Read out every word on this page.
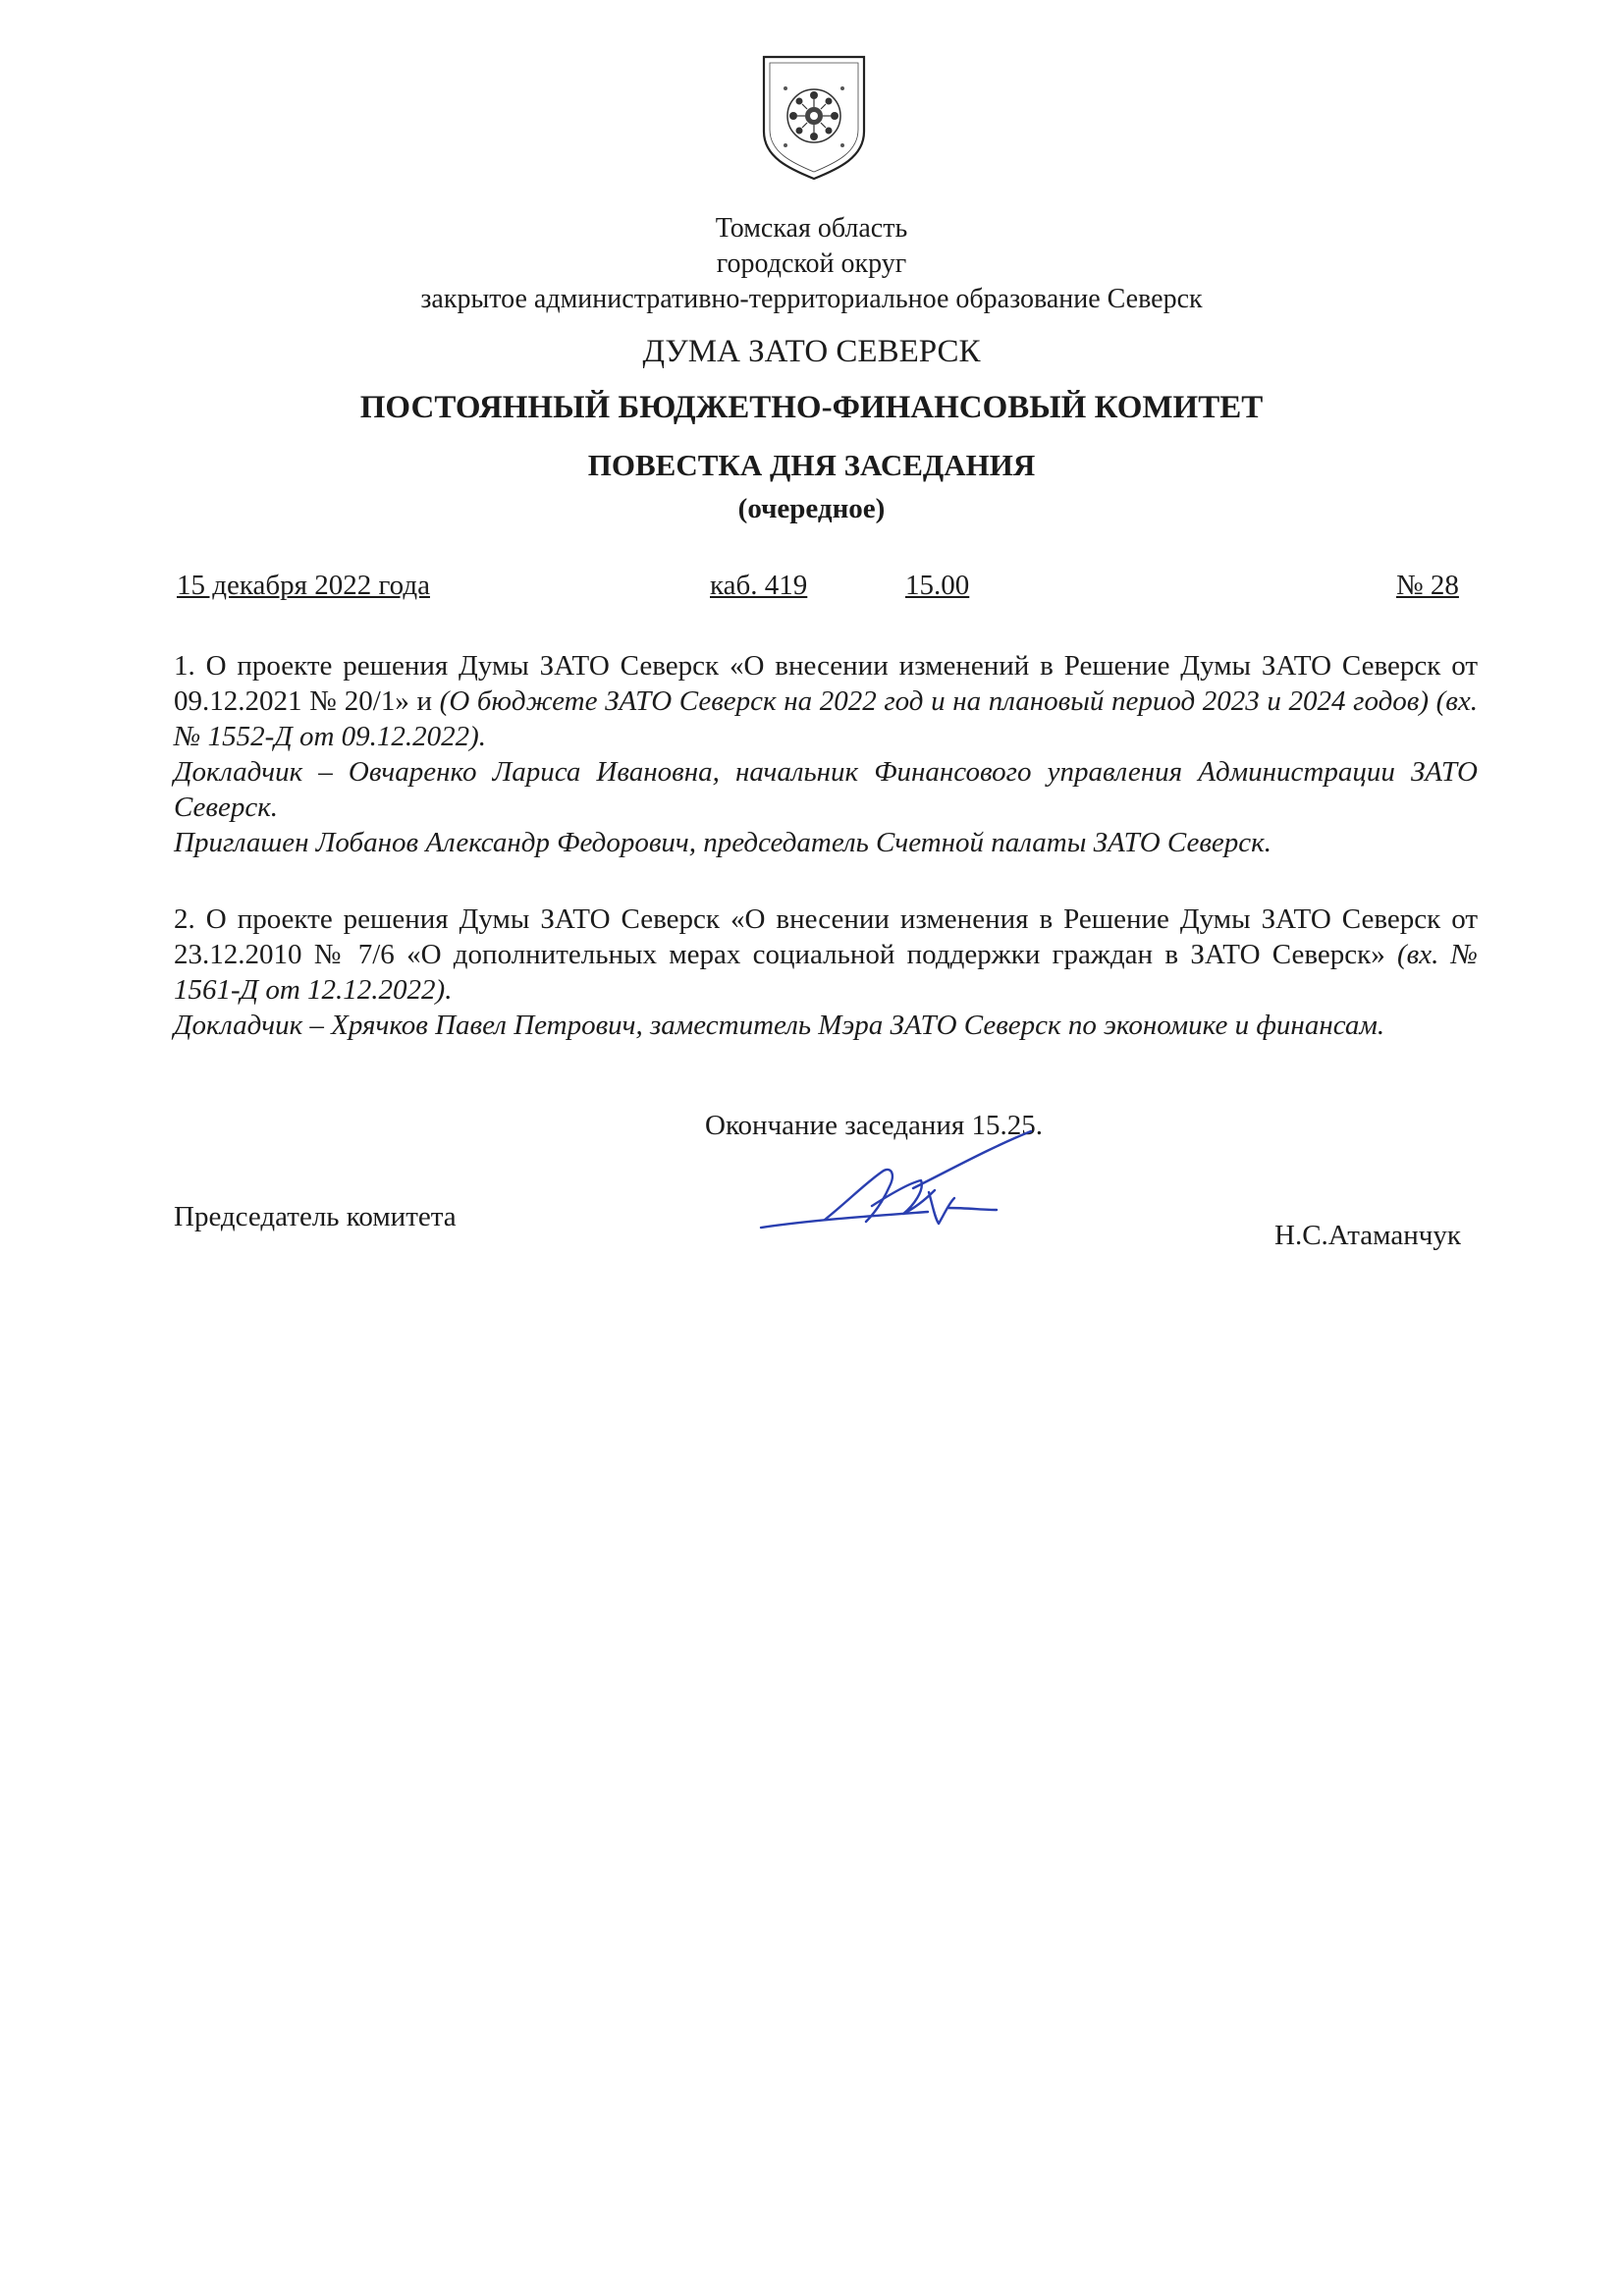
Томская область
городской округ
закрытое административно-территориальное образование Северск
ДУМА ЗАТО СЕВЕРСК
ПОСТОЯННЫЙ БЮДЖЕТНО-ФИНАНСОВЫЙ КОМИТЕТ
ПОВЕСТКА ДНЯ ЗАСЕДАНИЯ
(очередное)
15 декабря 2022 года	каб. 419	15.00	№ 28

1. О проекте решения Думы ЗАТО Северск «О внесении изменений в Решение Думы ЗАТО Северск от 09.12.2021 № 20/1» и (О бюджете ЗАТО Северск на 2022 год и на плановый период 2023 и 2024 годов) (вх. № 1552-Д от 09.12.2022).

Докладчик – Овчаренко Лариса Ивановна, начальник Финансового управления Администрации ЗАТО Северск.

Приглашен Лобанов Александр Федорович, председатель Счетной палаты ЗАТО Северск.

2. О проекте решения Думы ЗАТО Северск «О внесении изменения в Решение Думы ЗАТО Северск от 23.12.2010 № 7/6 «О дополнительных мерах социальной поддержки граждан в ЗАТО Северск» (вх. № 1561-Д от 12.12.2022).

Докладчик – Хрячков Павел Петрович, заместитель Мэра ЗАТО Северск по экономике и финансам.

Окончание заседания 15.25.
Председатель комитета
Н.С.Атаманчук
